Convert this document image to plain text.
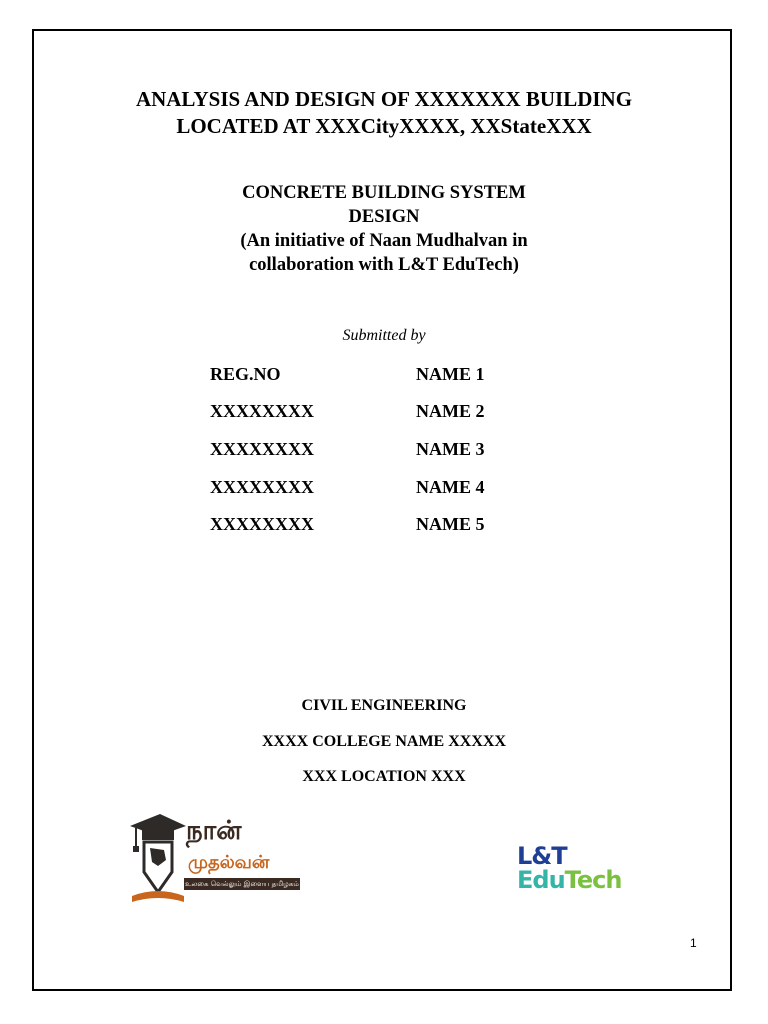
ANALYSIS AND DESIGN OF XXXXXXX BUILDING
LOCATED AT XXXCityXXXX, XXStateXXX
CONCRETE BUILDING SYSTEM
DESIGN
(An initiative of Naan Mudhalvan in
collaboration with L&T EduTech)
Submitted by
REG.NO	NAME 1
XXXXXXXX	NAME 2
XXXXXXXX	NAME 3
XXXXXXXX	NAME 4
XXXXXXXX	NAME 5
CIVIL ENGINEERING
XXXX COLLEGE NAME XXXXX
XXX LOCATION XXX
நான்
முதல்வன்
உலகை வெல்லும் இளைய தமிழகம்
L&T
EduTech
1
